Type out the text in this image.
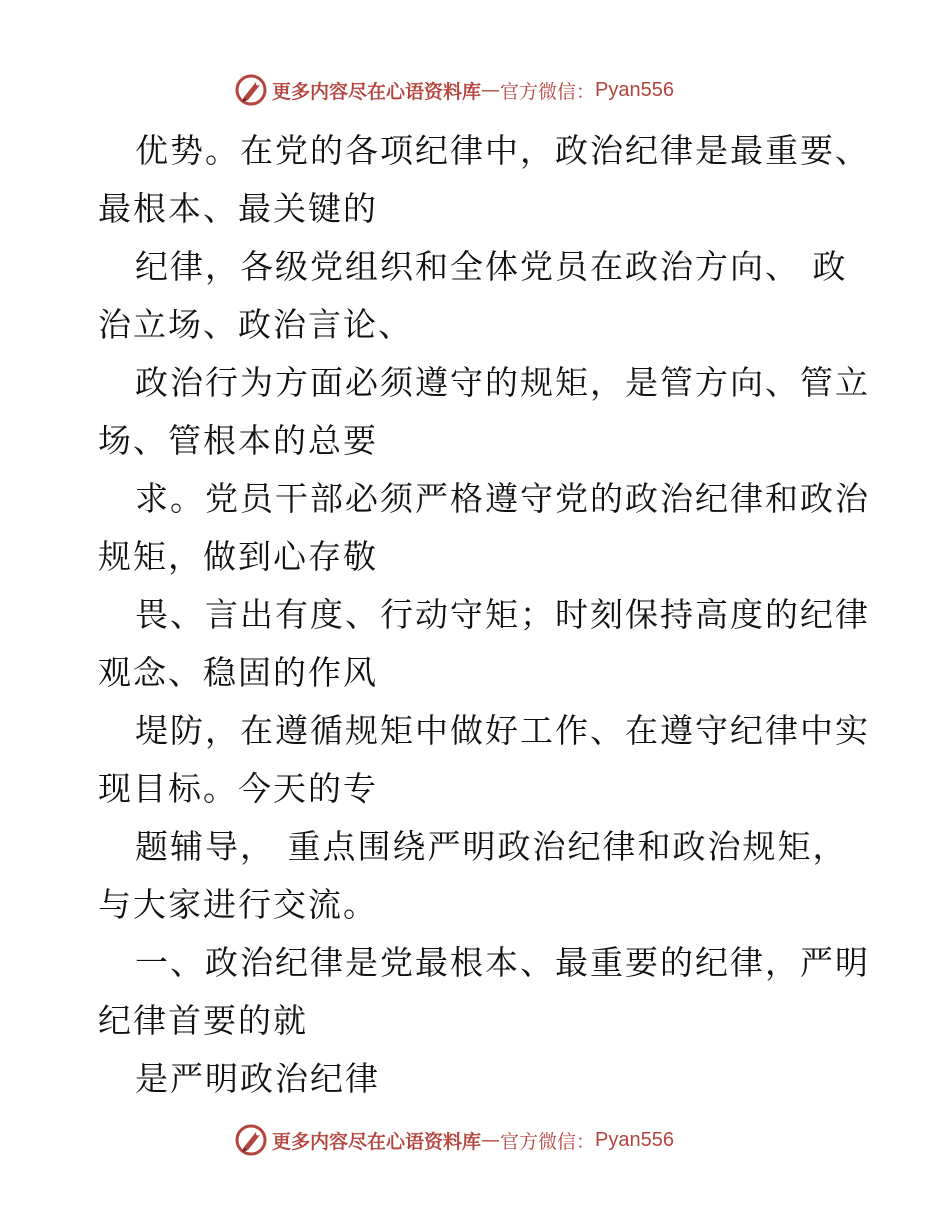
更多内容尽在心语资料库 — 官方微信： Pyan556
优势。在党的各项纪律中，政治纪律是最重要、
最根本、最关键的
纪律，各级党组织和全体党员在政治方向、 政
治立场、政治言论、
政治行为方面必须遵守的规矩，是管方向、管立
场、管根本的总要
求。党员干部必须严格遵守党的政治纪律和政治
规矩，做到心存敬
畏、言出有度、行动守矩；时刻保持高度的纪律
观念、稳固的作风
堤防，在遵循规矩中做好工作、在遵守纪律中实
现目标。今天的专
题辅导， 重点围绕严明政治纪律和政治规矩，
与大家进行交流。
一、政治纪律是党最根本、最重要的纪律，严明
纪律首要的就
是严明政治纪律
更多内容尽在心语资料库 — 官方微信： Pyan556
